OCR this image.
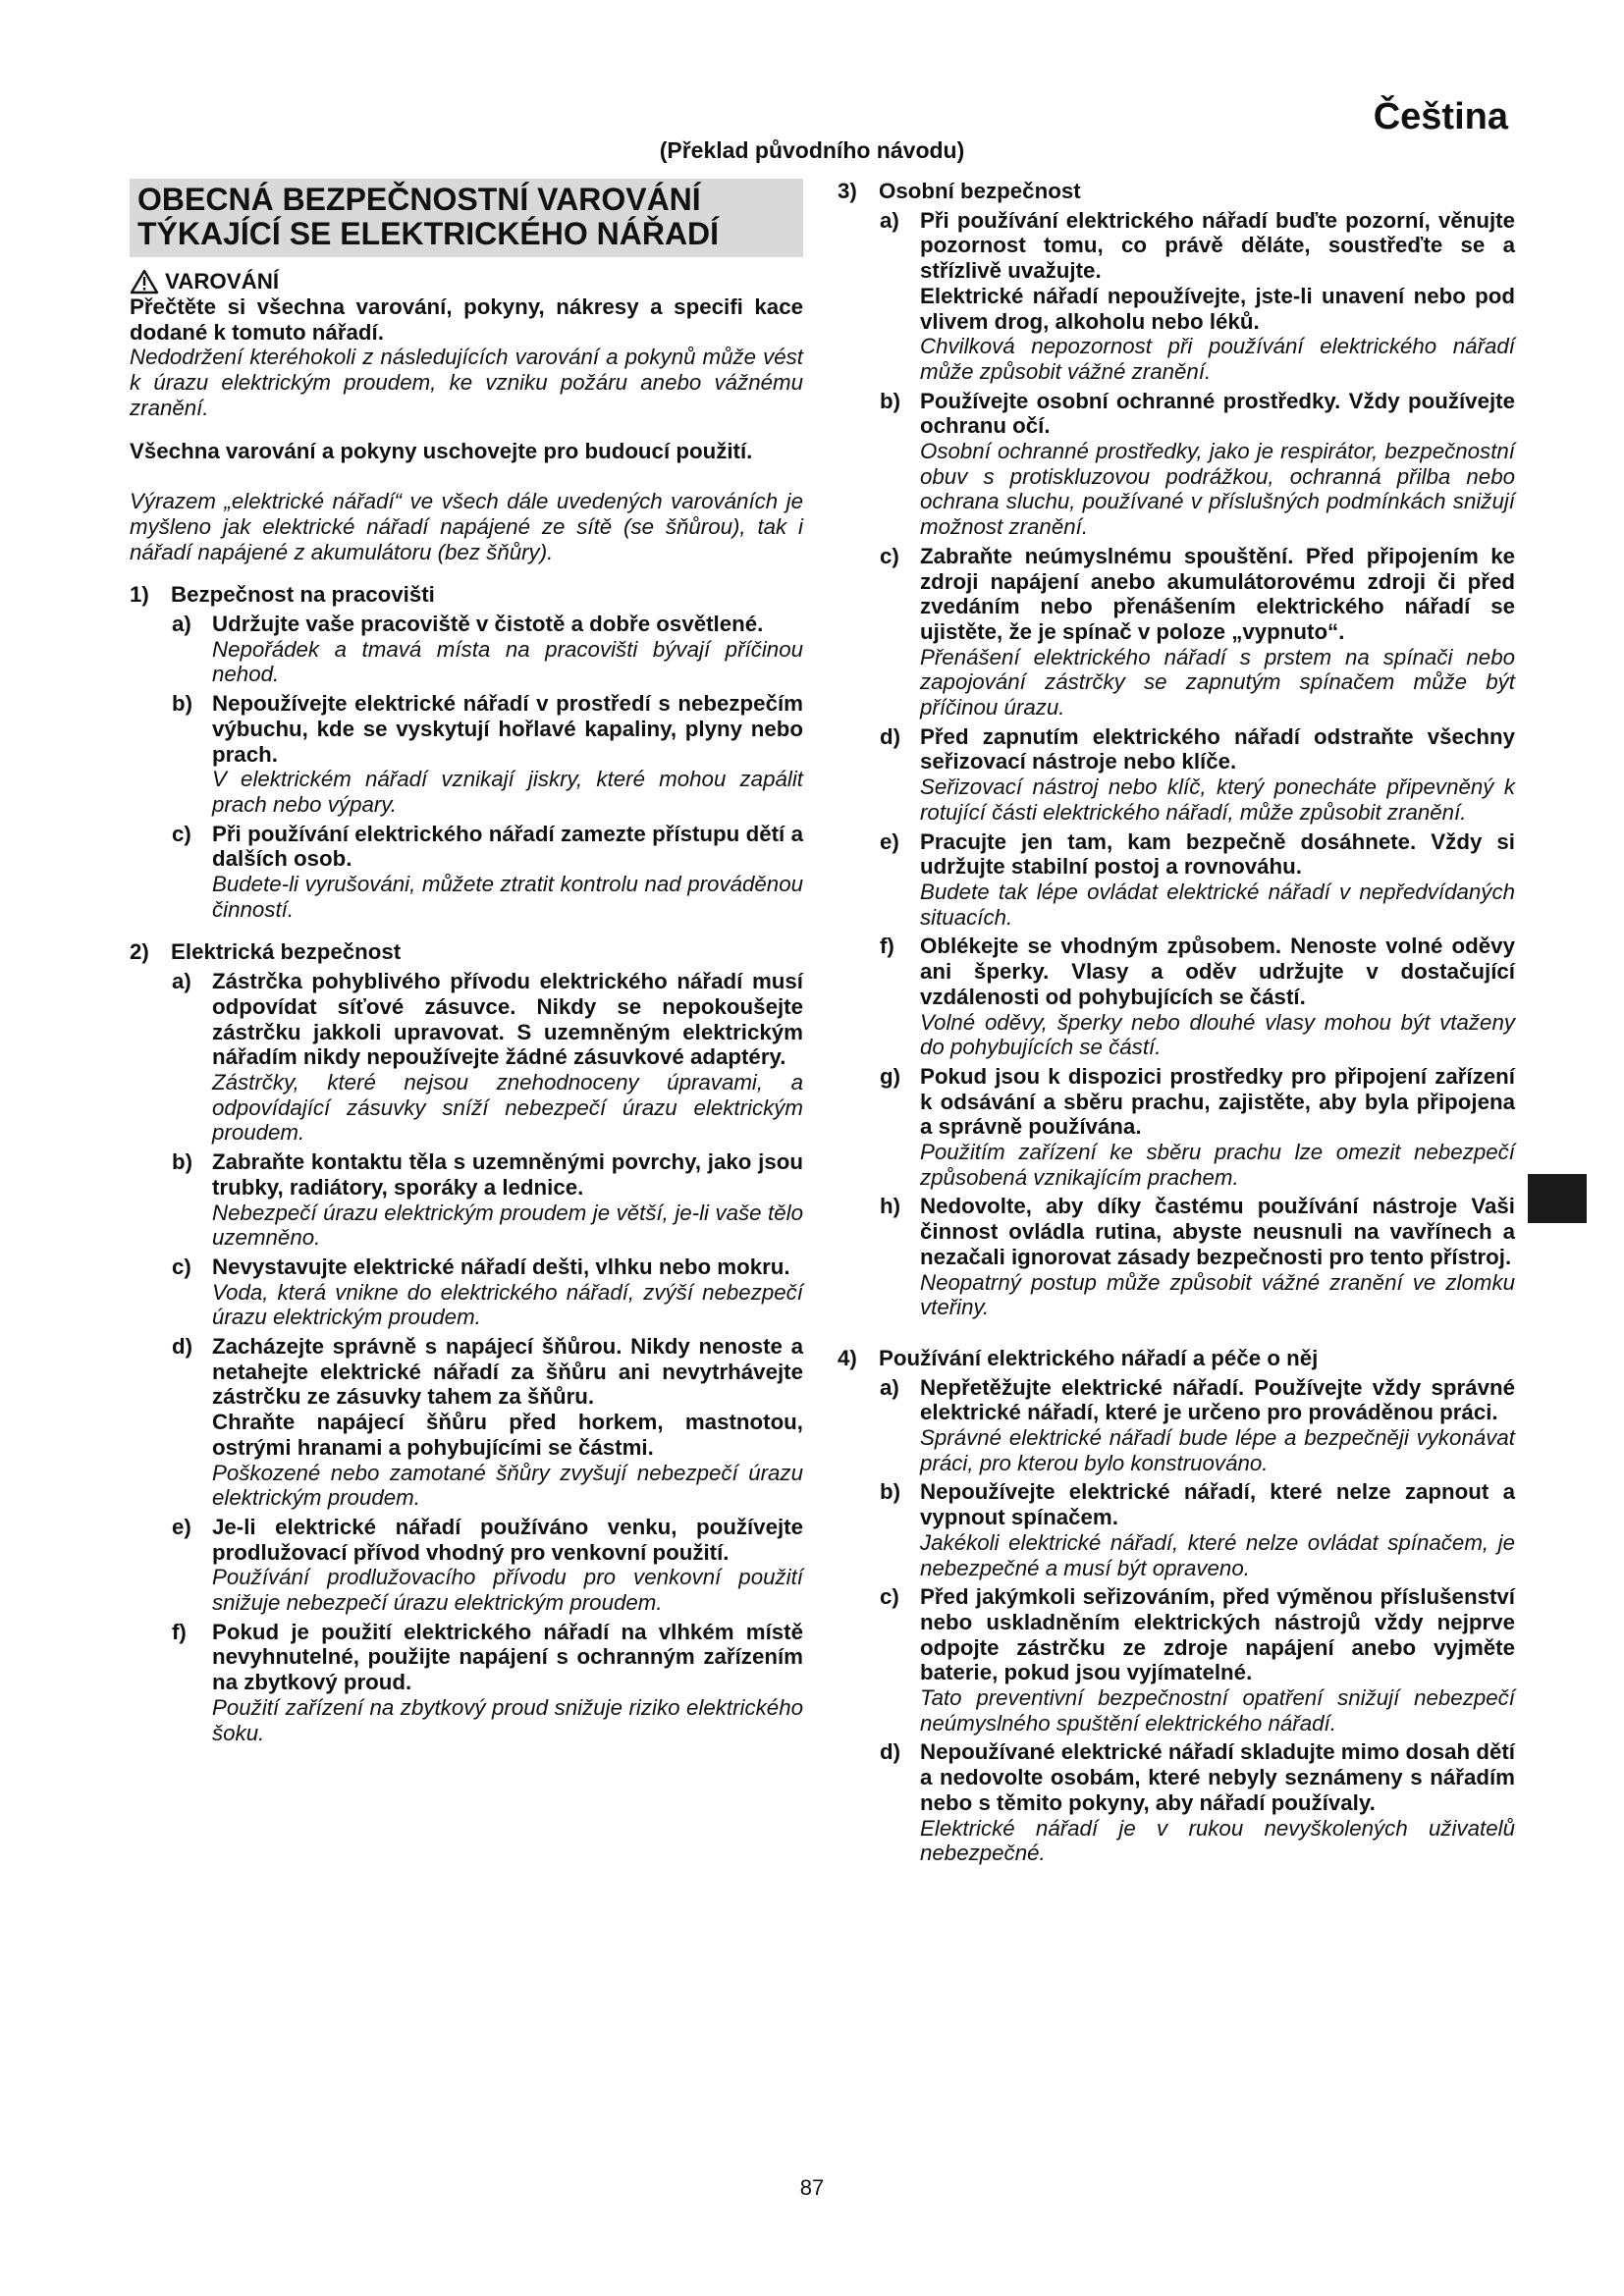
Čeština

(Překlad původního návodu)

OBECNÁ BEZPEČNOSTNÍ VAROVÁNÍ TÝKAJÍCÍ SE ELEKTRICKÉHO NÁŘADÍ
VAROVÁNÍ

Přečtěte si všechna varování, pokyny, nákresy a specifi kace dodané k tomuto nářadí.

Nedodržení kteréhokoli z následujících varování a pokynů může vést k úrazu elektrickým proudem, ke vzniku požáru anebo vážnému zranění.

Všechna varování a pokyny uschovejte pro budoucí použití.

Výrazem „elektrické nářadí“ ve všech dále uvedených varováních je myšleno jak elektrické nářadí napájené ze sítě (se šňůrou), tak i nářadí napájené z akumulátoru (bez šňůry).

1) Bezpečnost na pracovišti
a) Udržujte vaše pracoviště v čistotě a dobře osvětlené.

Nepořádek a tmavá místa na pracovišti bývají příčinou nehod.

b) Nepoužívejte elektrické nářadí v prostředí s nebezpečím výbuchu, kde se vyskytují hořlavé kapaliny, plyny nebo prach.

V elektrickém nářadí vznikají jiskry, které mohou zapálit prach nebo výpary.

c) Při používání elektrického nářadí zamezte přístupu dětí a dalších osob.

Budete-li vyrušováni, můžete ztratit kontrolu nad prováděnou činností.

2) Elektrická bezpečnost
a) Zástrčka pohyblivého přívodu elektrického nářadí musí odpovídat síťové zásuvce. Nikdy se nepokoušejte zástrčku jakkoli upravovat. S uzemněným elektrickým nářadím nikdy nepoužívejte žádné zásuvkové adaptéry.

Zástrčky, které nejsou znehodnoceny úpravami, a odpovídající zásuvky sníží nebezpečí úrazu elektrickým proudem.

b) Zabraňte kontaktu těla s uzemněnými povrchy, jako jsou trubky, radiátory, sporáky a lednice.

Nebezpečí úrazu elektrickým proudem je větší, je-li vaše tělo uzemněno.

c) Nevystavujte elektrické nářadí dešti, vlhku nebo mokru.

Voda, která vnikne do elektrického nářadí, zvýší nebezpečí úrazu elektrickým proudem.

d) Zacházejte správně s napájecí šňůrou. Nikdy nenoste a netahejte elektrické nářadí za šňůru ani nevytrhávejte zástrčku ze zásuvky tahem za šňůru.

Chraňte napájecí šňůru před horkem, mastnotou, ostrými hranami a pohybujícími se částmi.

Poškozené nebo zamotané šňůry zvyšují nebezpečí úrazu elektrickým proudem.

e) Je-li elektrické nářadí používáno venku, používejte prodlužovací přívod vhodný pro venkovní použití.

Používání prodlužovacího přívodu pro venkovní použití snižuje nebezpečí úrazu elektrickým proudem.

f)	Pokud je použití elektrického nářadí na vlhkém místě nevyhnutelné, použijte napájení s ochranným zařízením na zbytkový proud.

Použití zařízení na zbytkový proud snižuje riziko elektrického šoku.

3) Osobní bezpečnost
a) Při používání elektrického nářadí buďte pozorní, věnujte pozornost tomu, co právě děláte, soustřeďte se a střízlivě uvažujte.

Elektrické nářadí nepoužívejte, jste-li unavení nebo pod vlivem drog, alkoholu nebo léků.

Chvilková nepozornost při používání elektrického nářadí může způsobit vážné zranění.

b) Používejte osobní ochranné prostředky. Vždy používejte ochranu očí.

Osobní ochranné prostředky, jako je respirátor, bezpečnostní obuv s protiskluzovou podrážkou, ochranná přilba nebo ochrana sluchu, používané v příslušných podmínkách snižují možnost zranění.

c) Zabraňte neúmyslnému spouštění. Před připojením ke zdroji napájení anebo akumulátorovému zdroji či před zvedáním nebo přenášením elektrického nářadí se ujistěte, že je spínač v poloze „vypnuto“.

Přenášení elektrického nářadí s prstem na spínači nebo zapojování zástrčky se zapnutým spínačem může být příčinou úrazu.

d) Před zapnutím elektrického nářadí odstraňte všechny seřizovací nástroje nebo klíče.

Seřizovací nástroj nebo klíč, který ponecháte připevněný k rotující části elektrického nářadí, může způsobit zranění.

e) Pracujte jen tam, kam bezpečně dosáhnete. Vždy si udržujte stabilní postoj a rovnováhu.

Budete tak lépe ovládat elektrické nářadí v nepředvídaných situacích.

f)	Oblékejte se vhodným způsobem. Nenoste volné oděvy ani šperky. Vlasy a oděv udržujte v dostačující vzdálenosti od pohybujících se částí.

Volné oděvy, šperky nebo dlouhé vlasy mohou být vtaženy do pohybujících se částí.

g) Pokud jsou k dispozici prostředky pro připojení zařízení k odsávání a sběru prachu, zajistěte, aby byla připojena a správně používána.

Použitím zařízení ke sběru prachu lze omezit nebezpečí způsobená vznikajícím prachem.

h) Nedovolte, aby díky častému používání nástroje Vaši činnost ovládla rutina, abyste neusnuli na vavřínech a nezačali ignorovat zásady bezpečnosti pro tento přístroj.

Neopatrný postup může způsobit vážné zranění ve zlomku vteřiny.

4) Používání elektrického nářadí a péče o něj
a) Nepřetěžujte elektrické nářadí. Používejte vždy správné elektrické nářadí, které je určeno pro prováděnou práci.

Správné elektrické nářadí bude lépe a bezpečněji vykonávat práci, pro kterou bylo konstruováno.

b) Nepoužívejte elektrické nářadí, které nelze zapnout a vypnout spínačem.

Jakékoli elektrické nářadí, které nelze ovládat spínačem, je nebezpečné a musí být opraveno.

c) Před jakýmkoli seřizováním, před výměnou příslušenství nebo uskladněním elektrických nástrojů vždy nejprve odpojte zástrčku ze zdroje napájení anebo vyjměte baterie, pokud jsou vyjímatelné.

Tato preventivní bezpečnostní opatření snižují nebezpečí neúmyslného spuštění elektrického nářadí.

d) Nepoužívané elektrické nářadí skladujte mimo dosah dětí a nedovolte osobám, které nebyly seznámeny s nářadím nebo s těmito pokyny, aby nářadí používaly.

Elektrické nářadí je v rukou nevyškolených uživatelů nebezpečné.

87
